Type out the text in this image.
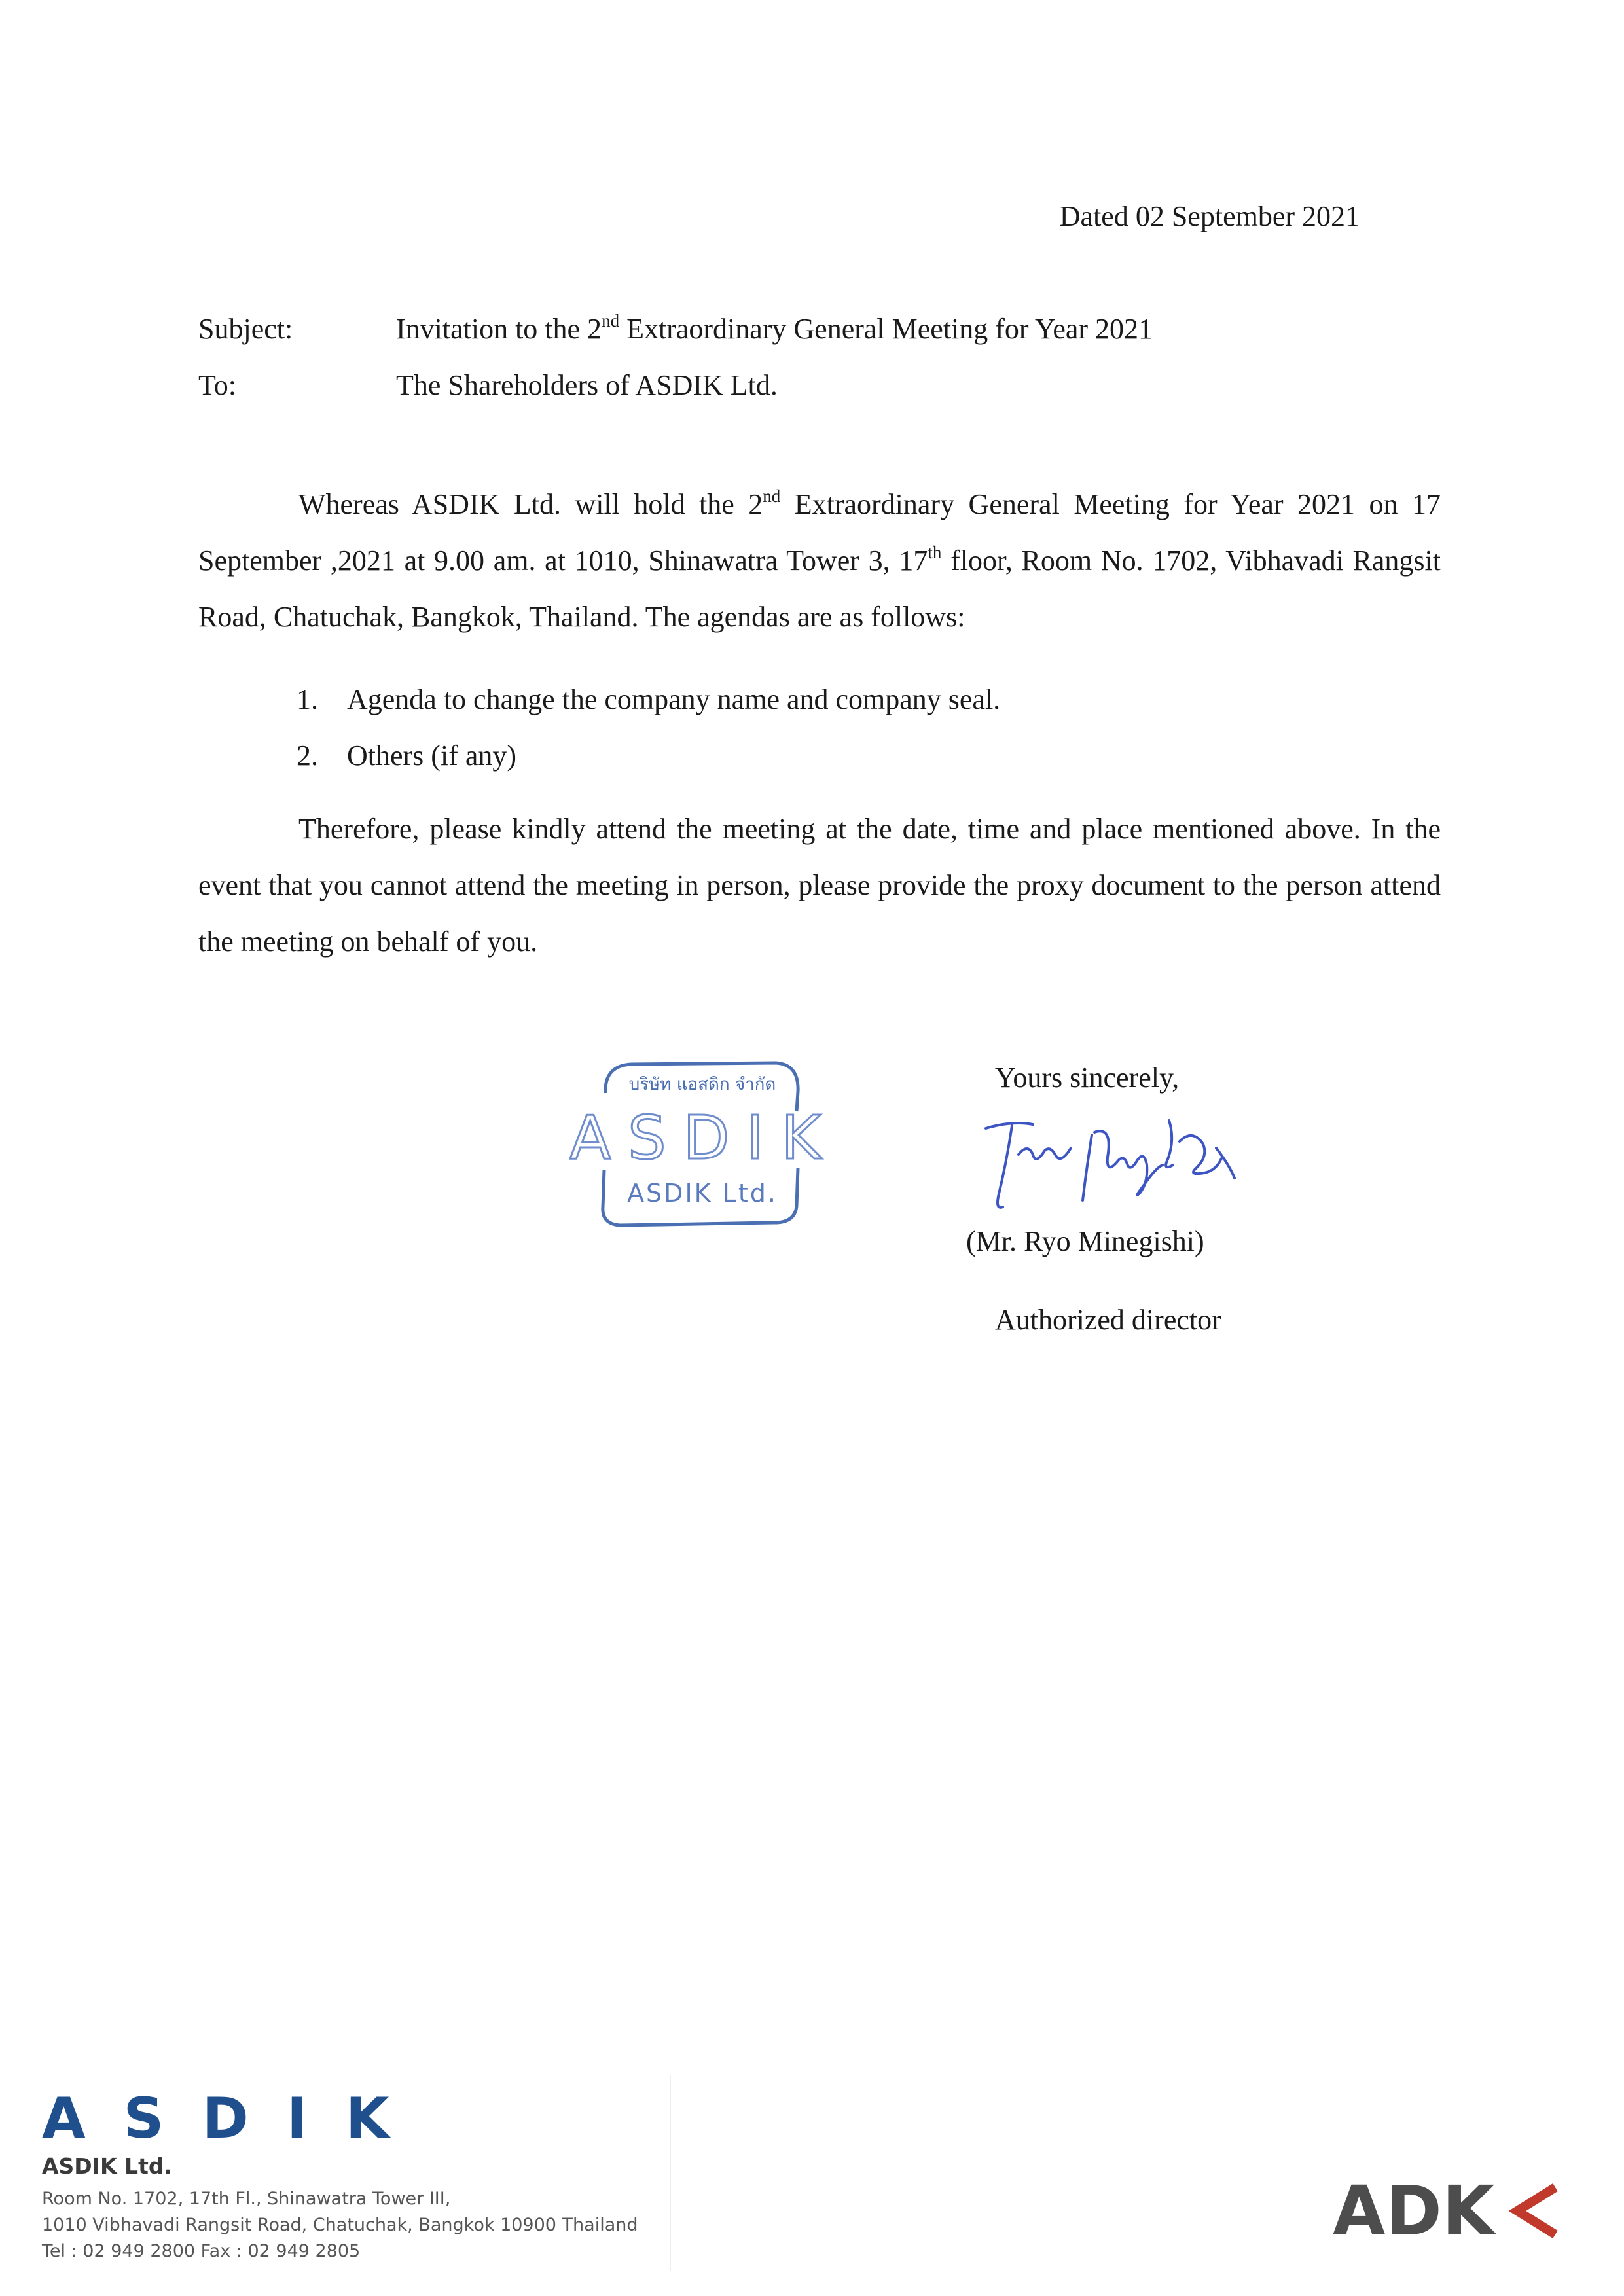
Dated 02 September 2021
Subject:	Invitation to the 2nd Extraordinary General Meeting for Year 2021
To:	The Shareholders of ASDIK Ltd.

Whereas ASDIK Ltd. will hold the 2nd Extraordinary General Meeting for Year 2021 on 17 September ,2021 at 9.00 am. at 1010, Shinawatra Tower 3, 17th floor, Room No. 1702, Vibhavadi Rangsit Road, Chatuchak, Bangkok, Thailand. The agendas are as follows:

1. Agenda to change the company name and company seal.
2. Others (if any)

Therefore, please kindly attend the meeting at the date, time and place mentioned above. In the event that you cannot attend the meeting in person, please provide the proxy document to the person attend the meeting on behalf of you.

บริษัท แอสดิก จำกัด
ASDIK
ASDIK Ltd.
Yours sincerely,
(Mr. Ryo Minegishi)
Authorized director
ASDIK
ASDIK Ltd.
Room No. 1702, 17th Fl., Shinawatra Tower III,
1010 Vibhavadi Rangsit Road, Chatuchak, Bangkok 10900 Thailand
Tel : 02 949 2800 Fax : 02 949 2805
ADK
